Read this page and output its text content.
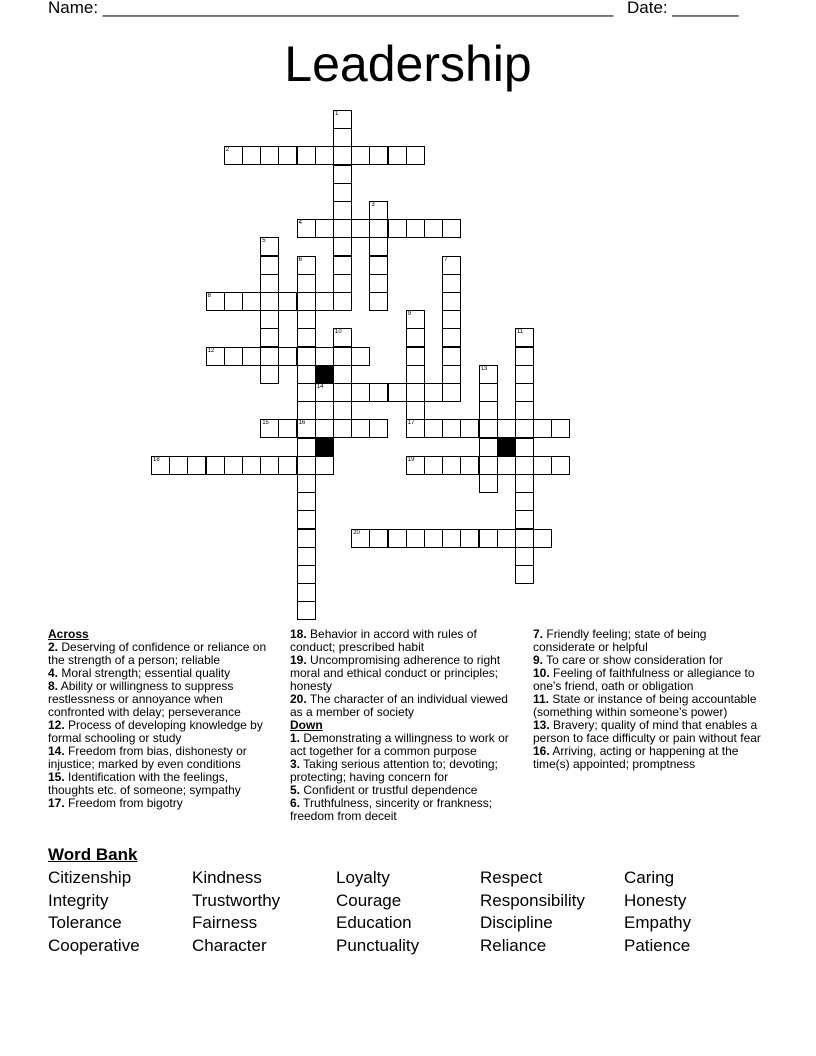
Name: ______________________________________________________ Date: _______
Leadership
1
2
3
4
5
6
16
7
8
9
17
10	11
12
13
14
15
18	19
20
Across
2. Deserving of confidence or reliance on the strength of a person; reliable
4. Moral strength; essential quality
8. Ability or willingness to suppress restlessness or annoyance when confronted with delay; perseverance
12. Process of developing knowledge by formal schooling or study
14. Freedom from bias, dishonesty or injustice; marked by even conditions
15. Identification with the feelings, thoughts etc. of someone; sympathy
17. Freedom from bigotry
18. Behavior in accord with rules of conduct; prescribed habit
19. Uncompromising adherence to right moral and ethical conduct or principles; honesty
20. The character of an individual viewed as a member of society
Down
1. Demonstrating a willingness to work or act together for a common purpose
3. Taking serious attention to; devoting; protecting; having concern for
5. Confident or trustful dependence
6. Truthfulness, sincerity or frankness; freedom from deceit
7. Friendly feeling; state of being considerate or helpful
9. To care or show consideration for
10. Feeling of faithfulness or allegiance to one's friend, oath or obligation
11. State or instance of being accountable (something within someone's power)
13. Bravery; quality of mind that enables a person to face difficulty or pain without fear
16. Arriving, acting or happening at the time(s) appointed; promptness
Word Bank
Citizenship	Kindness	Loyalty	Respect	Caring
Integrity	Trustworthy	Courage	Responsibility Honesty
Tolerance	Fairness	Education	Discipline	Empathy
Cooperative	Character	Punctuality	Reliance	Patience
